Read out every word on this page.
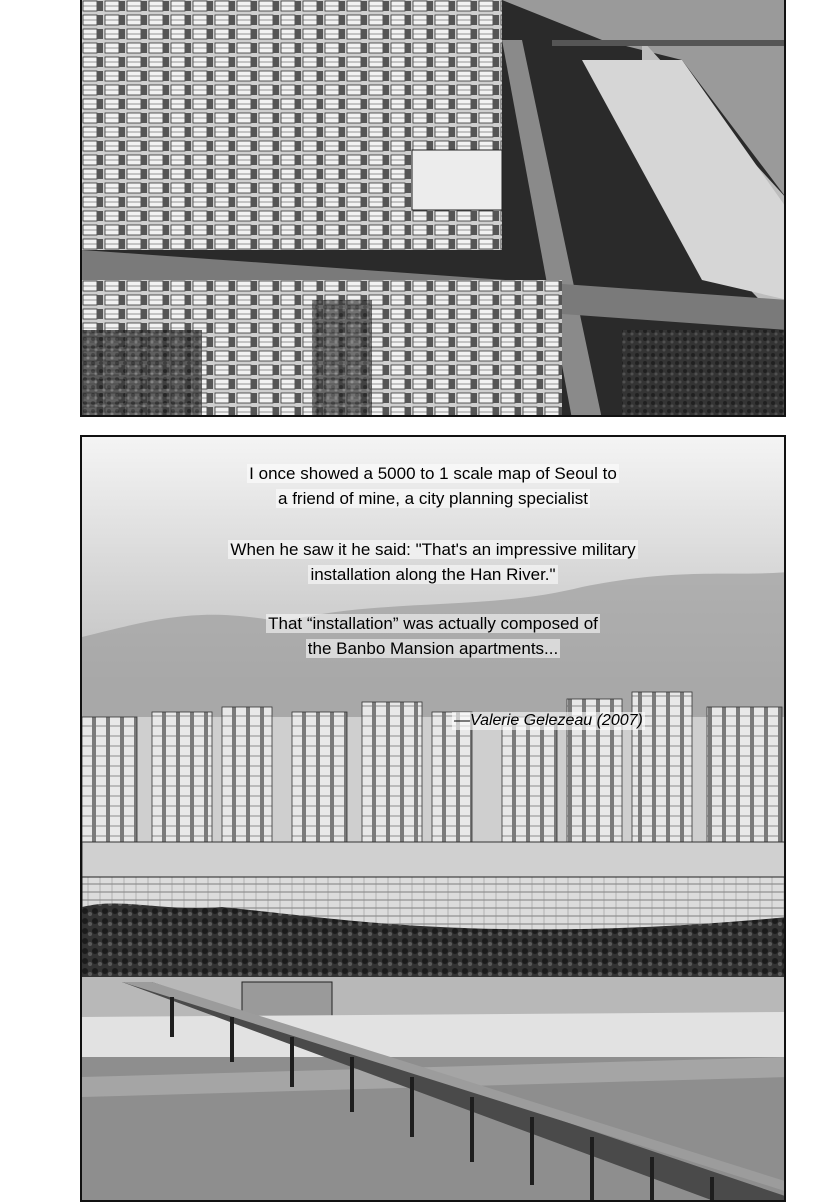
I once showed a 5000 to 1 scale map of Seoul to
a friend of mine, a city planning specialist
When he saw it he said: "That's an impressive military
installation along the Han River."
That “installation” was actually composed of
the Banbo Mansion apartments...
—Valerie Gelezeau (2007)
